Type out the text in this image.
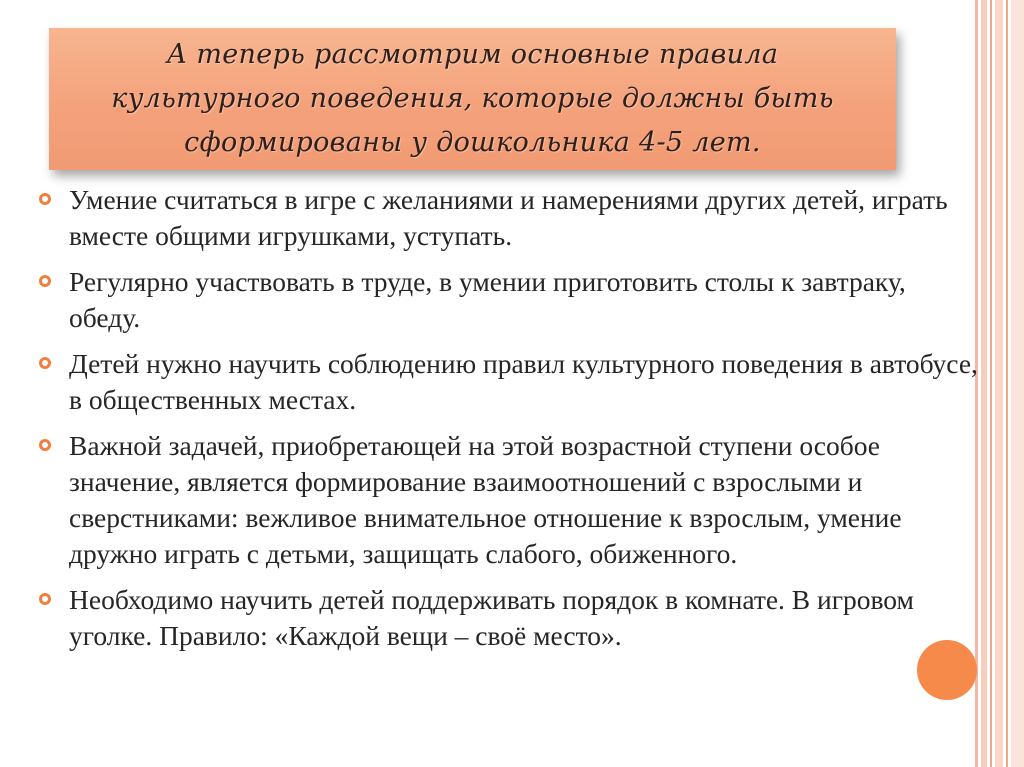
А теперь рассмотрим основные правила культурного поведения, которые должны быть сформированы у дошкольника 4-5 лет.
Умение считаться в игре с желаниями и намерениями других детей, играть вместе общими игрушками, уступать.
Регулярно участвовать в труде, в умении приготовить столы к завтраку, обеду.
Детей нужно научить соблюдению правил культурного поведения в автобусе, в общественных местах.
Важной задачей, приобретающей на этой возрастной ступени особое значение, является формирование взаимоотношений с взрослыми и сверстниками: вежливое внимательное отношение к взрослым, умение дружно играть с детьми, защищать слабого, обиженного.
Необходимо научить детей поддерживать порядок в комнате. В игровом уголке. Правило: «Каждой вещи – своё место».
